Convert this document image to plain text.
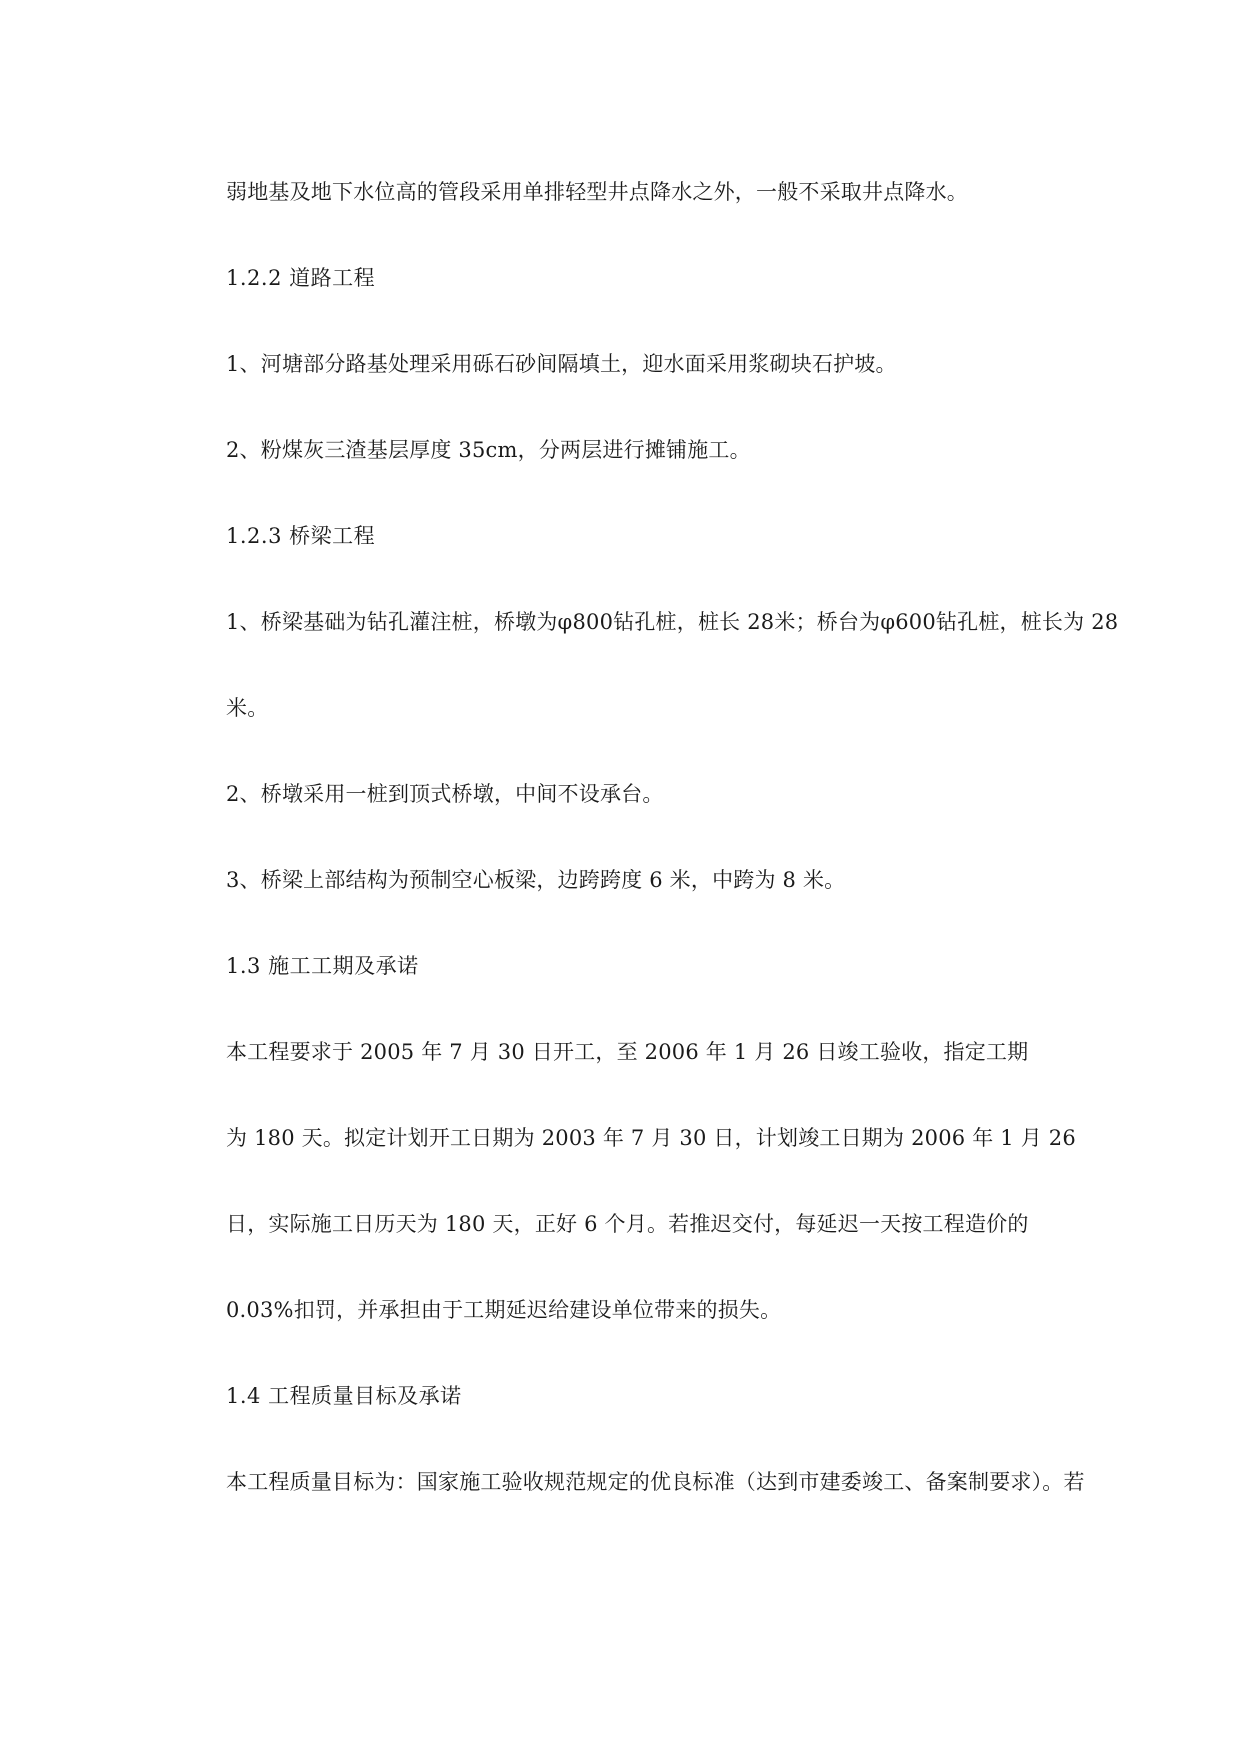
弱地基及地下水位高的管段采用单排轻型井点降水之外，一般不采取井点降水。
1.2.2 道路工程
1、河塘部分路基处理采用砾石砂间隔填土，迎水面采用浆砌块石护坡。
2、粉煤灰三渣基层厚度 35cm，分两层进行摊铺施工。
1.2.3 桥梁工程
1、桥梁基础为钻孔灌注桩，桥墩为φ800钻孔桩，桩长 28米；桥台为φ600钻孔桩，桩长为 28
米。
2、桥墩采用一桩到顶式桥墩，中间不设承台。
3、桥梁上部结构为预制空心板梁，边跨跨度 6 米，中跨为 8 米。
1.3 施工工期及承诺
本工程要求于 2005 年 7 月 30 日开工，至 2006 年 1 月 26 日竣工验收，指定工期
为 180 天。拟定计划开工日期为 2003 年 7 月 30 日，计划竣工日期为 2006 年 1 月 26
日，实际施工日历天为 180 天，正好 6 个月。若推迟交付，每延迟一天按工程造价的
0.03%扣罚，并承担由于工期延迟给建设单位带来的损失。
1.4 工程质量目标及承诺
本工程质量目标为：国家施工验收规范规定的优良标准（达到市建委竣工、备案制要求）。若
